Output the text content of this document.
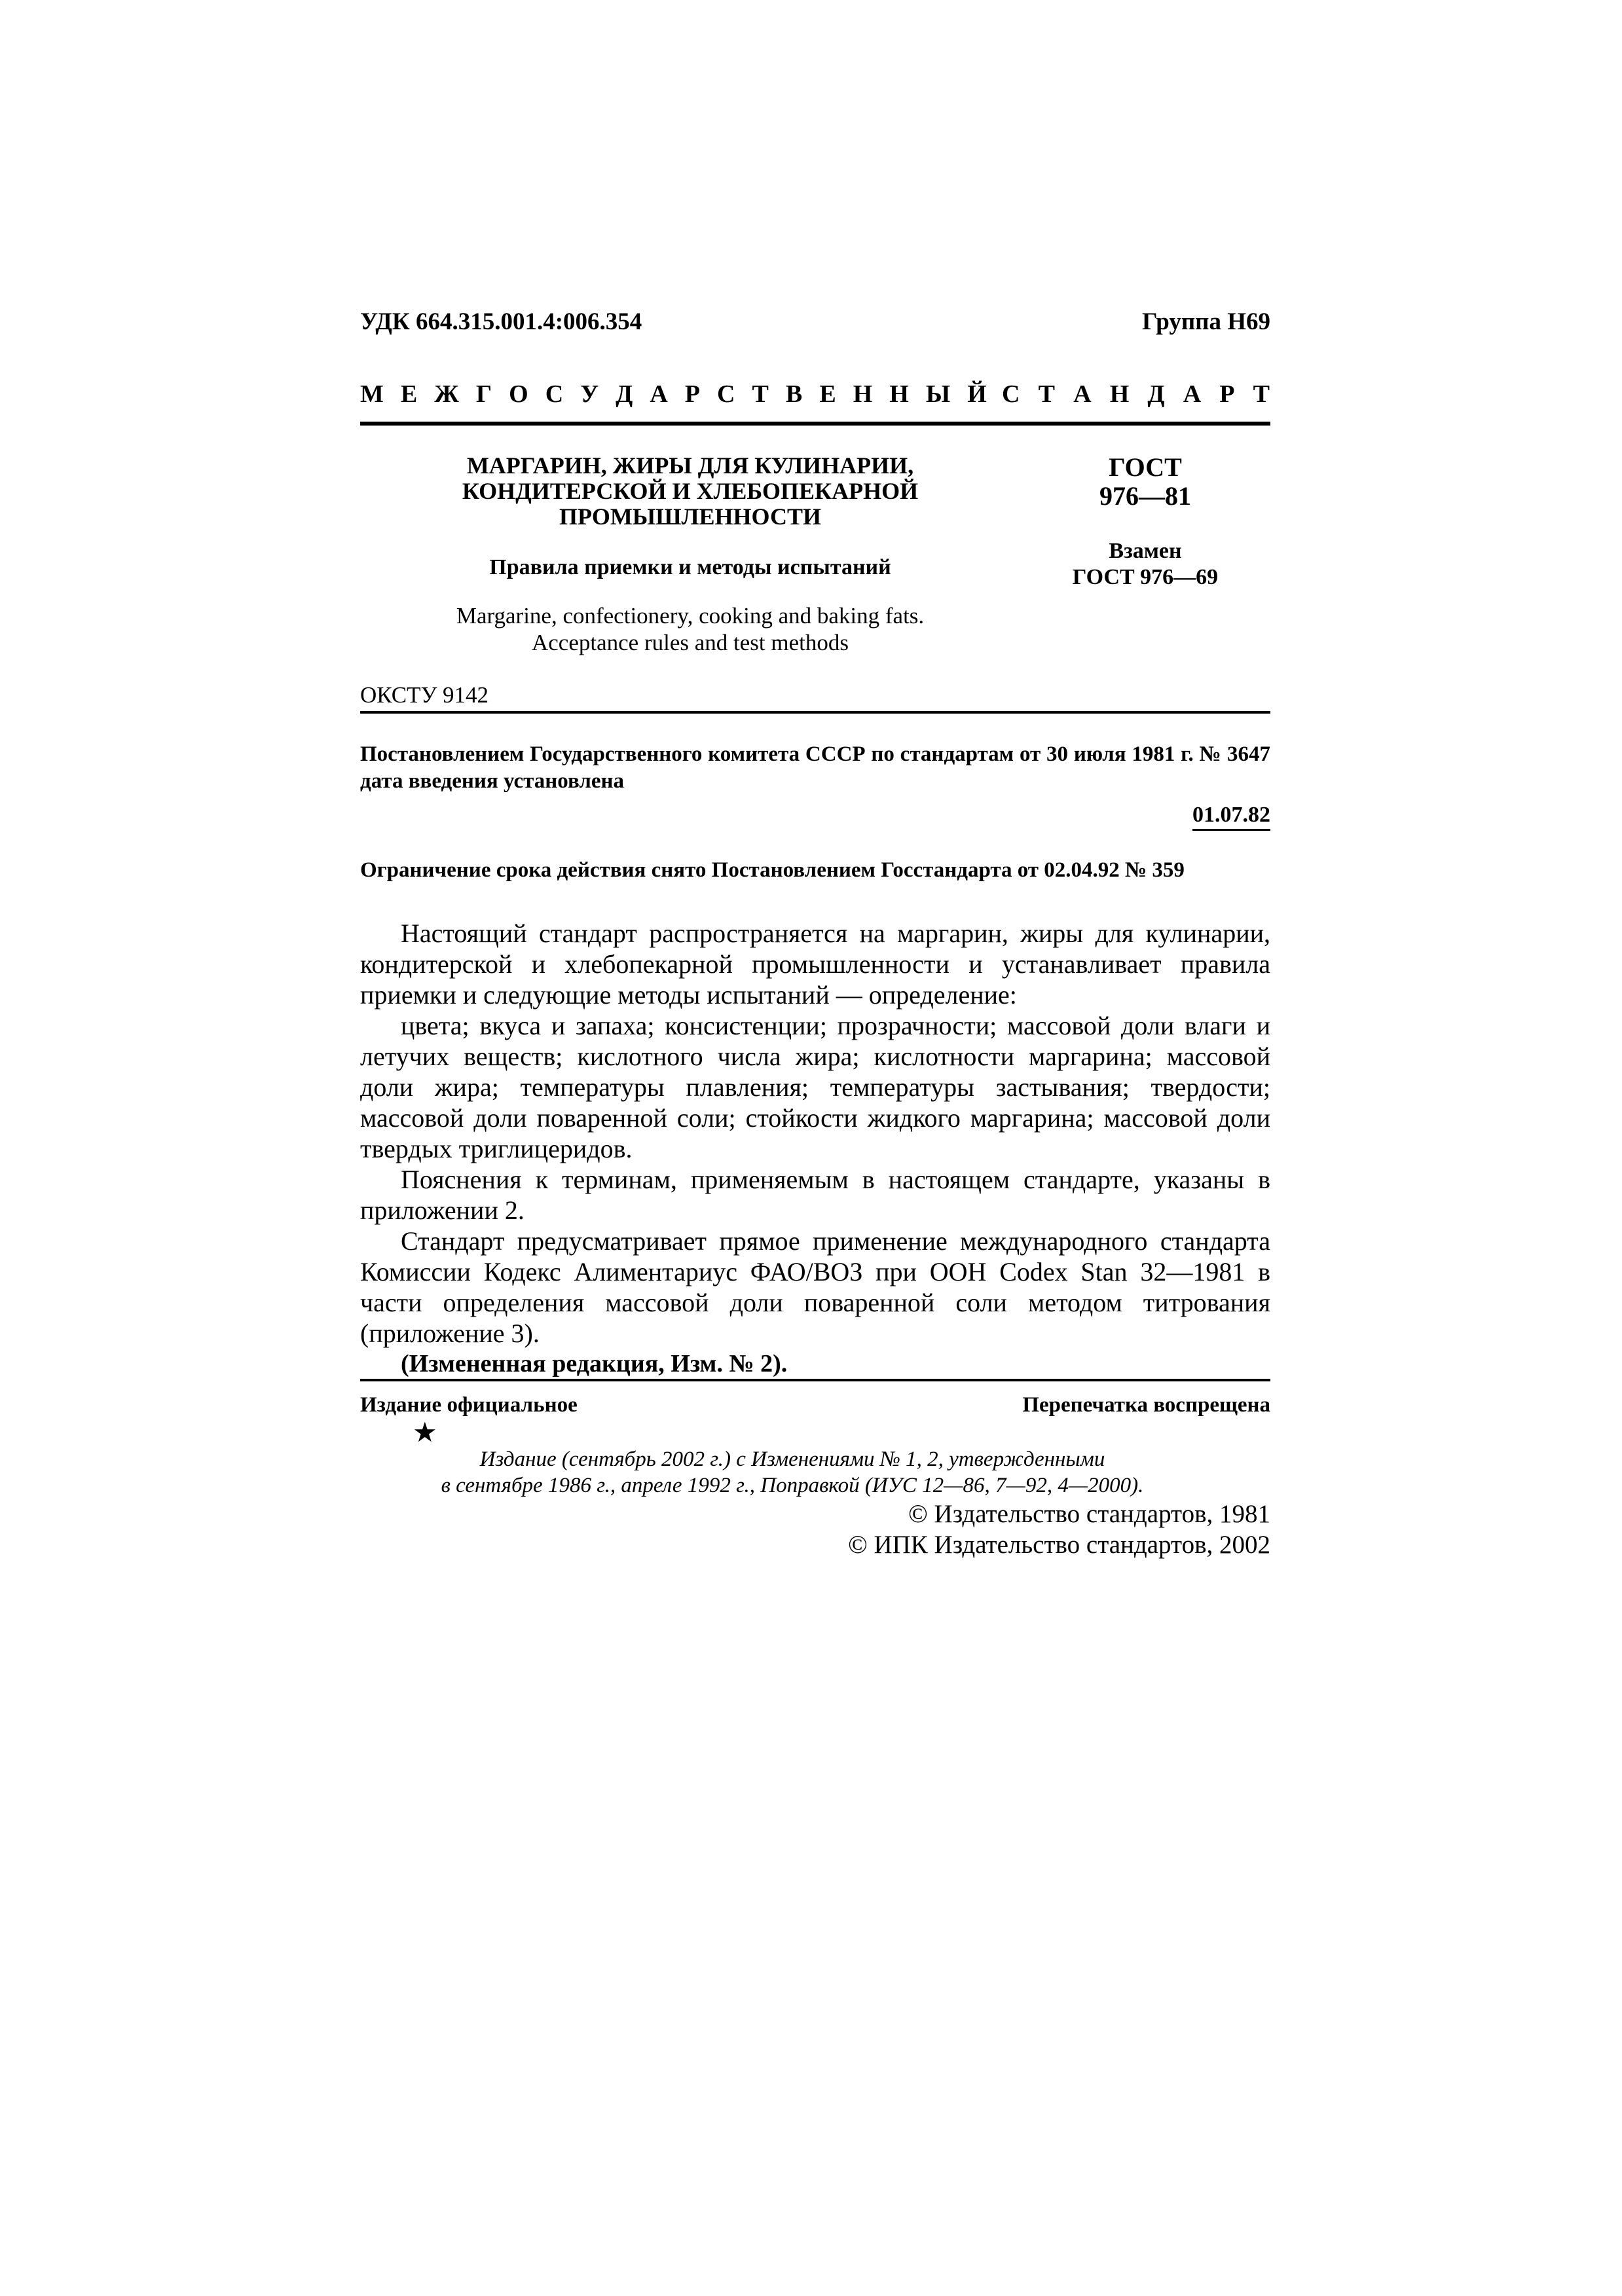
УДК 664.315.001.4:006.354	Группа Н69
М Е Ж Г О С У Д А Р С Т В Е Н Н Ы Й С Т А Н Д А Р Т
МАРГАРИН, ЖИРЫ ДЛЯ КУЛИНАРИИ,
КОНДИТЕРСКОЙ И ХЛЕБОПЕКАРНОЙ
ПРОМЫШЛЕННОСТИ
Правила приемки и методы испытаний
Margarine, confectionery, cooking and baking fats.
Acceptance rules and test methods
ГОСТ
976—81
Взамен
ГОСТ 976—69
ОКСТУ 9142
Постановлением Государственного комитета СССР по стандартам от 30 июля 1981 г. № 3647 дата введения установлена
01.07.82
Ограничение срока действия снято Постановлением Госстандарта от 02.04.92 № 359

Настоящий стандарт распространяется на маргарин, жиры для кулинарии, кондитерской и хлебопекарной промышленности и устанавливает правила приемки и следующие методы испытаний — определение:

цвета; вкуса и запаха; консистенции; прозрачности; массовой доли влаги и летучих веществ; кислотного числа жира; кислотности маргарина; массовой доли жира; температуры плавления; температуры застывания; твердости; массовой доли поваренной соли; стойкости жидкого маргарина; массовой доли твердых триглицеридов.

Пояснения к терминам, применяемым в настоящем стандарте, указаны в приложении 2.

Стандарт предусматривает прямое применение международного стандарта Комиссии Кодекс Алиментариус ФАО/ВОЗ при ООН Codex Stan 32—1981 в части определения массовой доли поваренной соли методом титрования (приложение 3).

(Измененная редакция, Изм. № 2).
Издание официальное	Перепечатка воспрещена
★
Издание (сентябрь 2002 г.) с Изменениями № 1, 2, утвержденными
в сентябре 1986 г., апреле 1992 г., Поправкой (ИУС 12—86, 7—92, 4—2000).
© Издательство стандартов, 1981
© ИПК Издательство стандартов, 2002
